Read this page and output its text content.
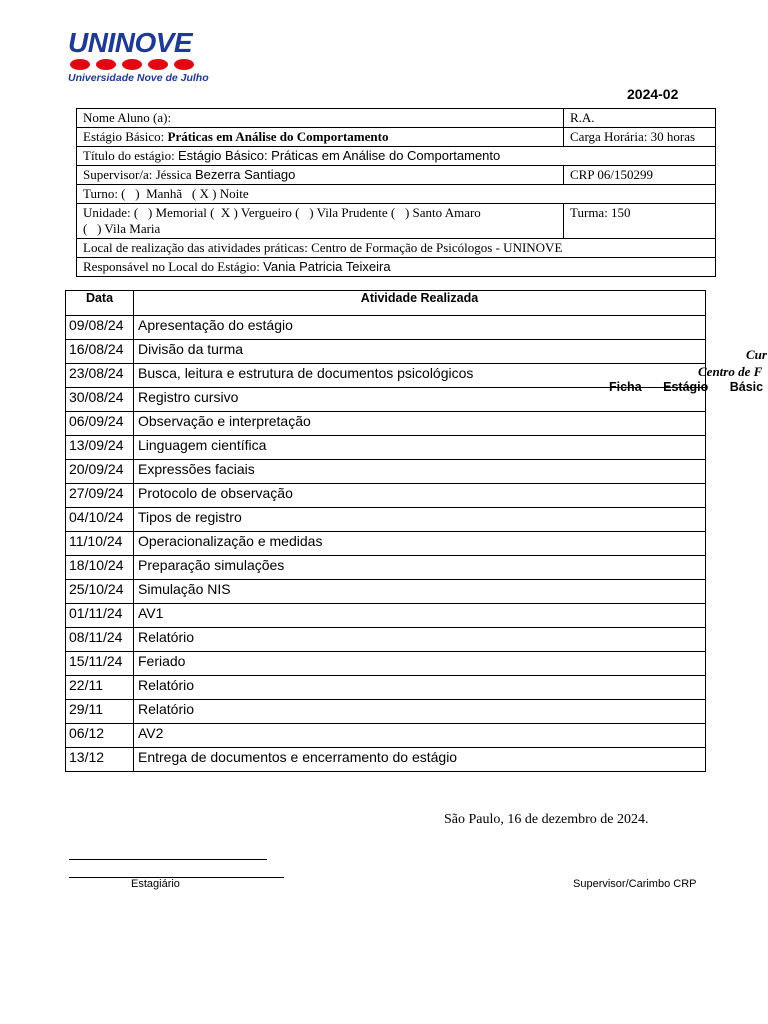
UNINOVE
Universidade Nove de Julho
2024-02
Cur
Centro de F
Ficha Estágio Básic
Nome Aluno (a):	R.A.
Estágio Básico: Práticas em Análise do Comportamento	Carga Horária: 30 horas
Título do estágio: Estágio Básico: Práticas em Análise do Comportamento	
Supervisor/a: Jéssica Bezerra Santiago	CRP 06/150299
Turno: (   )  Manhã   ( X ) Noite	
Unidade: (   ) Memorial (  X ) Vergueiro (   ) Vila Prudente (   ) Santo Amaro
(   ) Vila Maria	Turma: 150
Local de realização das atividades práticas: Centro de Formação de Psicólogos - UNINOVE	
Responsável no Local do Estágio: Vania Patricia Teixeira	
Data	Atividade Realizada
09/08/24	Apresentação do estágio
16/08/24	Divisão da turma
23/08/24	Busca, leitura e estrutura de documentos psicológicos
30/08/24	Registro cursivo
06/09/24	Observação e interpretação
13/09/24	Linguagem científica
20/09/24	Expressões faciais
27/09/24	Protocolo de observação
04/10/24	Tipos de registro
11/10/24	Operacionalização e medidas
18/10/24	Preparação simulações
25/10/24	Simulação NIS
01/11/24	AV1
08/11/24	Relatório
15/11/24	Feriado
22/11	Relatório
29/11	Relatório
06/12	AV2
13/12	Entrega de documentos e encerramento do estágio
São Paulo, 16 de dezembro de 2024.
Estagiário	Supervisor/Carimbo CRP
